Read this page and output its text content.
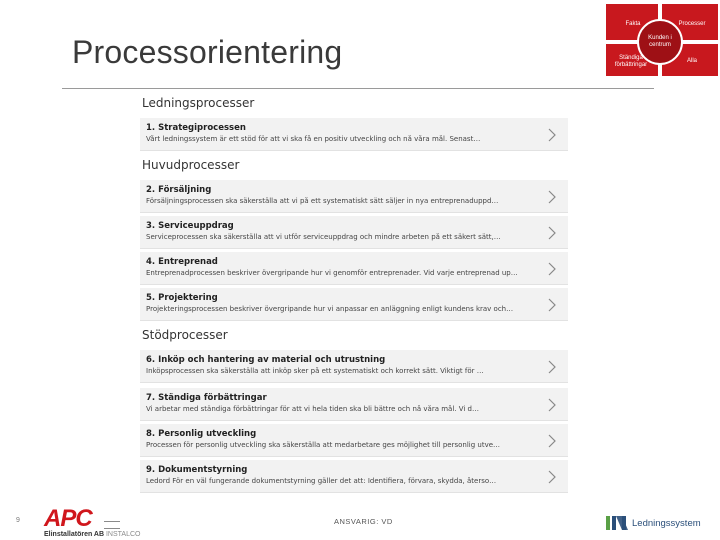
Processorientering
Fakta	Processer
Kunden i centrum
Ständiga förbättringar
Alla
Ledningsprocesser
1. Strategiprocessen
Vårt ledningssystem är ett stöd för att vi ska få en positiv utveckling och nå våra mål. Senast…
Huvudprocesser
2. Försäljning
Försäljningsprocessen ska säkerställa att vi på ett systematiskt sätt säljer in nya entreprenaduppd…
3. Serviceuppdrag
Serviceprocessen ska säkerställa att vi utför serviceuppdrag och mindre arbeten på ett säkert sätt,…
4. Entreprenad
Entreprenadprocessen beskriver övergripande hur vi genomför entreprenader. Vid varje entreprenad up…
5. Projektering
Projekteringsprocessen beskriver övergripande hur vi anpassar en anläggning enligt kundens krav och…
Stödprocesser
6. Inköp och hantering av material och utrustning
Inköpsprocessen ska säkerställa att inköp sker på ett systematiskt och korrekt sätt. Viktigt för …
7. Ständiga förbättringar
Vi arbetar med ständiga förbättringar för att vi hela tiden ska bli bättre och nå våra mål. Vi d…
8. Personlig utveckling
Processen för personlig utveckling ska säkerställa att medarbetare ges möjlighet till personlig utve…
9. Dokumentstyrning
Ledord För en väl fungerande dokumentstyrning gäller det att: Identifiera, förvara, skydda, återso…
9 APC
Elinstallatören AB INSTALCO
ANSVARIG: VD	Ledningssystem
